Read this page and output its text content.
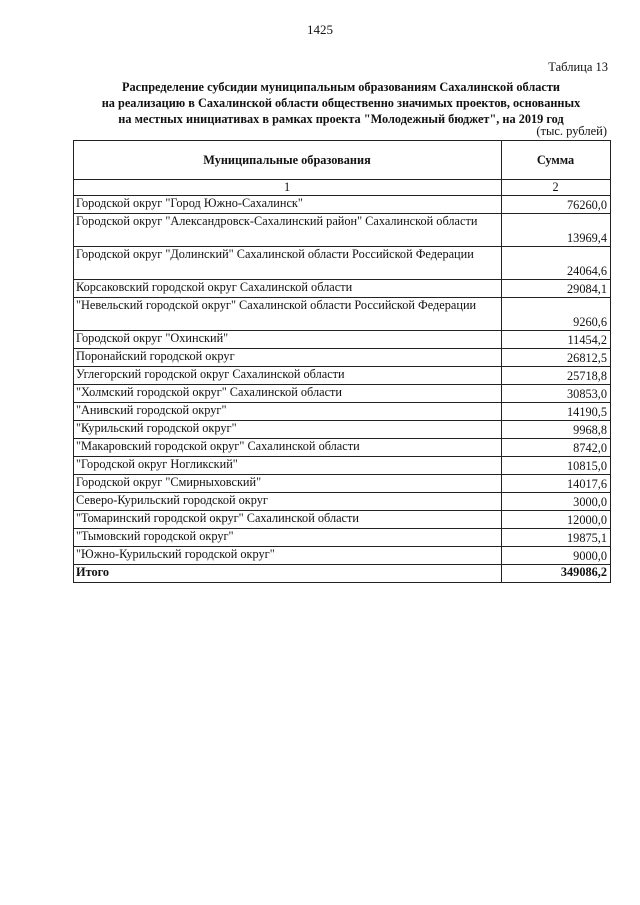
1425
Таблица 13
Распределение субсидии муниципальным образованиям Сахалинской области
на реализацию в Сахалинской области общественно значимых проектов, основанных
на местных инициативах в рамках проекта "Молодежный бюджет", на 2019 год
(тыс. рублей)
Муниципальные образования	Сумма
1	2
Городской округ "Город Южно-Сахалинск"	76260,0
Городской округ "Александровск-Сахалинский район" Сахалинской области	13969,4
Городской округ "Долинский" Сахалинской области Российской Федерации	24064,6
Корсаковский городской округ Сахалинской области	29084,1
"Невельский городской округ" Сахалинской области Российской Федерации	9260,6
Городской округ "Охинский"	11454,2
Поронайский городской округ	26812,5
Углегорский городской округ Сахалинской области	25718,8
"Холмский городской округ" Сахалинской области	30853,0
"Анивский городской округ"	14190,5
"Курильский городской округ"	9968,8
"Макаровский городской округ" Сахалинской области	8742,0
"Городской округ Ногликский"	10815,0
Городской округ "Смирныховский"	14017,6
Северо-Курильский городской округ	3000,0
"Томаринский городской округ" Сахалинской области	12000,0
"Тымовский городской округ"	19875,1
"Южно-Курильский городской округ"	9000,0
Итого	349086,2
